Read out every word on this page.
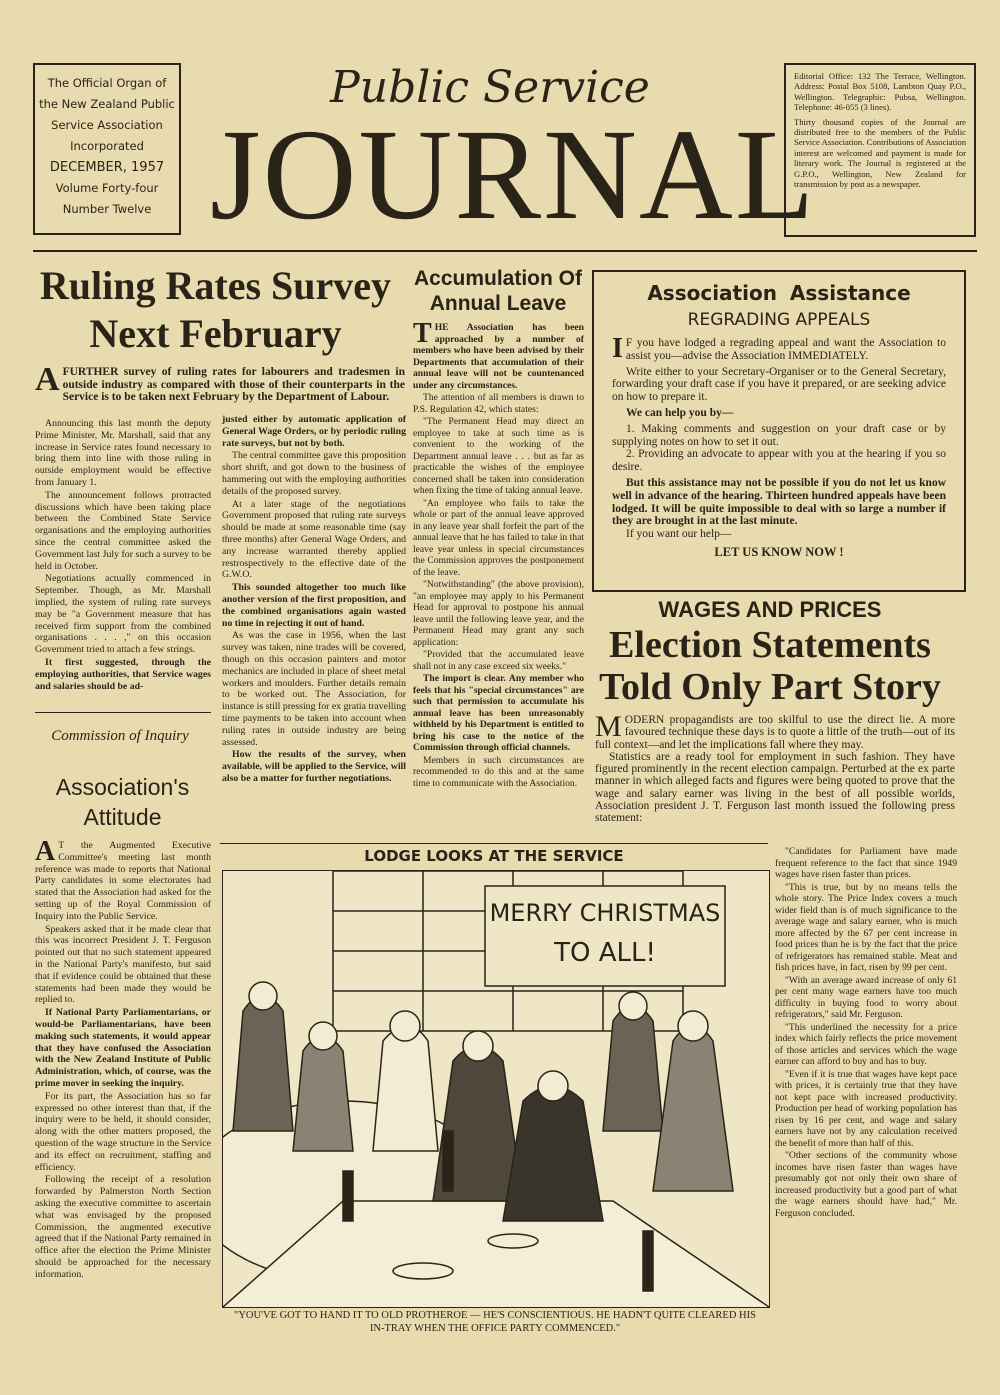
The Official Organ of
the New Zealand Public
Service Association
Incorporated
DECEMBER, 1957
Volume Forty-four
Number Twelve
Public Service
JOURNAL

Editorial Office: 132 The Terrace, Wellington. Address: Postal Box 5108, Lambton Quay P.O., Wellington. Telegraphic: Pubsa, Wellington. Telephone: 46-055 (3 lines).

Thirty thousand copies of the Journal are distributed free to the members of the Public Service Association. Contributions of Association interest are welcomed and payment is made for literary work. The Journal is registered at the G.P.O., Wellington, New Zealand for transmission by post as a newspaper.

Ruling Rates Survey
Next February
AFURTHER survey of ruling rates for labourers and tradesmen in outside industry as compared with those of their counterparts in the Service is to be taken next February by the Department of Labour.

Announcing this last month the deputy Prime Minister, Mr. Marshall, said that any increase in Service rates found necessary to bring them into line with those ruling in outside employment would be effective from January 1.

The announcement follows protracted discussions which have been taking place between the Combined State Service organisations and the employing authorities since the central committee asked the Government last July for such a survey to be held in October.

Negotiations actually commenced in September. Though, as Mr. Marshall implied, the system of ruling rate surveys may be "a Government measure that has received firm support from the combined organisations . . . ," on this occasion Government tried to attach a few strings.

It first suggested, through the employing authorities, that Service wages and salaries should be ad-

justed either by automatic application of General Wage Orders, or by periodic ruling rate surveys, but not by both.

The central committee gave this proposition short shrift, and got down to the business of hammering out with the employing authorities details of the proposed survey.

At a later stage of the negotiations Government proposed that ruling rate surveys should be made at some reasonable time (say three months) after General Wage Orders, and any increase warranted thereby applied restrospectively to the effective date of the G.W.O.

This sounded altogether too much like another version of the first proposition, and the combined organisations again wasted no time in rejecting it out of hand.

As was the case in 1956, when the last survey was taken, nine trades will be covered, though on this occasion painters and motor mechanics are included in place of sheet metal workers and moulders. Further details remain to be worked out. The Association, for instance is still pressing for ex gratia travelling time payments to be taken into account when ruling rates in outside industry are being assessed.

How the results of the survey, when available, will be applied to the Service, will also be a matter for further negotiations.

Commission of Inquiry
Association's Attitude

A T the Augmented Executive Committee's meeting last month reference was made to reports that National Party candidates in some electorates had stated that the Association had asked for the setting up of the Royal Commission of Inquiry into the Public Service.

Speakers asked that it be made clear that this was incorrect President J. T. Ferguson pointed out that no such statement appeared in the National Party's manifesto, but said that if evidence could be obtained that these statements had been made they would be replied to.

If National Party Parliamentarians, or would-be Parliamentarians, have been making such statements, it would appear that they have confused the Association with the New Zealand Institute of Public Administration, which, of course, was the prime mover in seeking the inquiry.

For its part, the Association has so far expressed no other interest than that, if the inquiry were to be held, it should consider, along with the other matters proposed, the question of the wage structure in the Service and its effect on recruitment, staffing and efficiency.

Following the receipt of a resolution forwarded by Palmerston North Section asking the executive committee to ascertain what was envisaged by the proposed Commission, the augmented executive agreed that if the National Party remained in office after the election the Prime Minister should be approached for the necessary information.

Accumulation Of Annual Leave

THE Association has been approached by a number of members who have been advised by their Departments that accumulation of their annual leave will not be countenanced under any circumstances.

The attention of all members is drawn to P.S. Regulation 42, which states:

"The Permanent Head may direct an employee to take at such time as is convenient to the working of the Department annual leave . . . but as far as practicable the wishes of the employee concerned shall be taken into consideration when fixing the time of taking annual leave.

"An employee who fails to take the whole or part of the annual leave approved in any leave year shall forfeit the part of the annual leave that he has failed to take in that leave year unless in special circumstances the Commission approves the postponement of the leave.

"Notwithstanding" (the above provision), "an employee may apply to his Permanent Head for approval to postpone his annual leave until the following leave year, and the Permanent Head may grant any such application:

"Provided that the accumulated leave shall not in any case exceed six weeks."

The import is clear. Any member who feels that his "special circumstances" are such that permission to accumulate his annual leave has been unreasonably withheld by his Department is entitled to bring his case to the notice of the Commission through official channels.

Members in such circumstances are recommended to do this and at the same time to communicate with the Association.

Association Assistance
REGRADING APPEALS

I F you have lodged a regrading appeal and want the Association to assist you—advise the Association IMMEDIATELY.

Write either to your Secretary-Organiser or to the General Secretary, forwarding your draft case if you have it prepared, or are seeking advice on how to prepare it.

We can help you by—

1. Making comments and suggestion on your draft case or by supplying notes on how to set it out.

2. Providing an advocate to appear with you at the hearing if you so desire.

But this assistance may not be possible if you do not let us know well in advance of the hearing. Thirteen hundred appeals have been lodged. It will be quite impossible to deal with so large a number if they are brought in at the last minute.

If you want our help—

LET US KNOW NOW !

WAGES AND PRICES
Election Statements
Told Only Part Story

MODERN propagandists are too skilful to use the direct lie. A more favoured technique these days is to quote a little of the truth—out of its full context—and let the implications fall where they may.

Statistics are a ready tool for employment in such fashion. They have figured prominently in the recent election campaign. Perturbed at the ex parte manner in which alleged facts and figures were being quoted to prove that the wage and salary earner was living in the best of all possible worlds, Association president J. T. Ferguson last month issued the following press statement:

"Candidates for Parliament have made frequent reference to the fact that since 1949 wages have risen faster than prices.

"This is true, but by no means tells the whole story. The Price Index covers a much wider field than is of much significance to the average wage and salary earner, who is much more affected by the 67 per cent increase in food prices than he is by the fact that the price of refrigerators has remained stable. Meat and fish prices have, in fact, risen by 99 per cent.

"With an average award increase of only 61 per cent many wage earners have too much difficulty in buying food to worry about refrigerators," said Mr. Ferguson.

"This underlined the necessity for a price index which fairly reflects the price movement of those articles and services which the wage earner can afford to buy and has to buy.

"Even if it is true that wages have kept pace with prices, it is certainly true that they have not kept pace with increased productivity. Production per head of working population has risen by 16 per cent, and wage and salary earners have not by any calculation received the benefit of more than half of this.

"Other sections of the community whose incomes have risen faster than wages have presumably got not only their own share of increased productivity but a good part of what the wage earners should have had," Mr. Ferguson concluded.

LODGE LOOKS AT THE SERVICE
MERRY CHRISTMAS
TO ALL!
"YOU'VE GOT TO HAND IT TO OLD PROTHEROE — HE'S CONSCIENTIOUS. HE HADN'T QUITE CLEARED HIS IN-TRAY WHEN THE OFFICE PARTY COMMENCED."
